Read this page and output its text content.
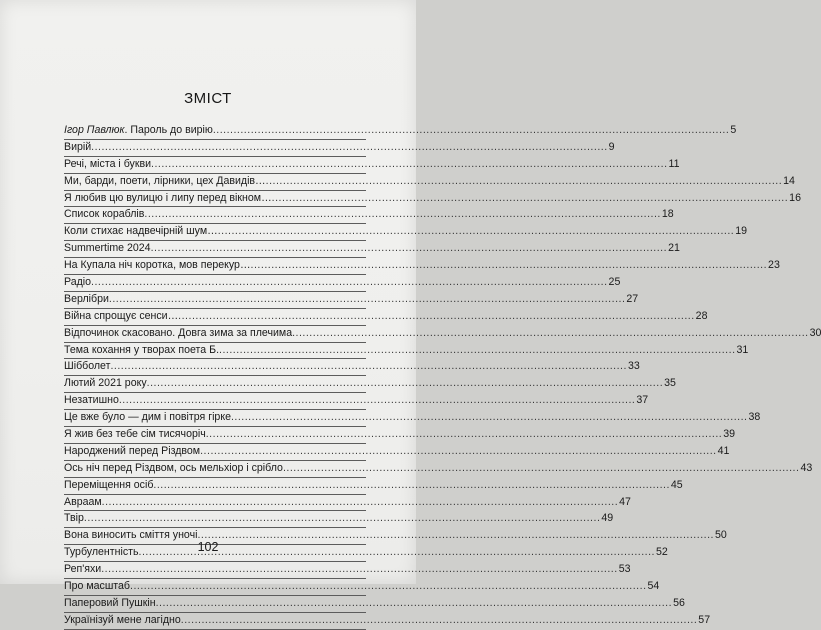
ЗМІСТ
Ігор Павлюк. Пароль до вирію .....	5
Вирій .....	9
Речі, міста і букви .....	11
Ми, барди, поети, лірники, цех Давидів… .....	14
Я любив цю вулицю і липу перед вікном… .....	16
Список кораблів .....	18
Коли стихає надвечірній шум… .....	19
Summertime 2024 .....	21
На Купала ніч коротка, мов перекур… .....	23
Радіо .....	25
Верлібри .....	27
Війна спрощує сенси… .....	28
Відпочинок скасовано. Довга зима за плечима .....	30
Тема кохання у творах поета Б. .....	31
Шібболет .....	33
Лютий 2021 року .....	35
Незатишно .....	37
Це вже було — дим і повітря гірке .....	38
Я жив без тебе сім тисячоріч .....	39
Народжений перед Різдвом .....	41
Ось ніч перед Різдвом, ось мельхіор і срібло .....	43
Переміщення осіб .....	45
Авраам .....	47
Твір .....	49
Вона виносить сміття уночі .....	50
Турбулентність .....	52
Реп'яхи .....	53
Про масштаб .....	54
Паперовий Пушкін .....	56
Українізуй мене лагідно .....	57
102
